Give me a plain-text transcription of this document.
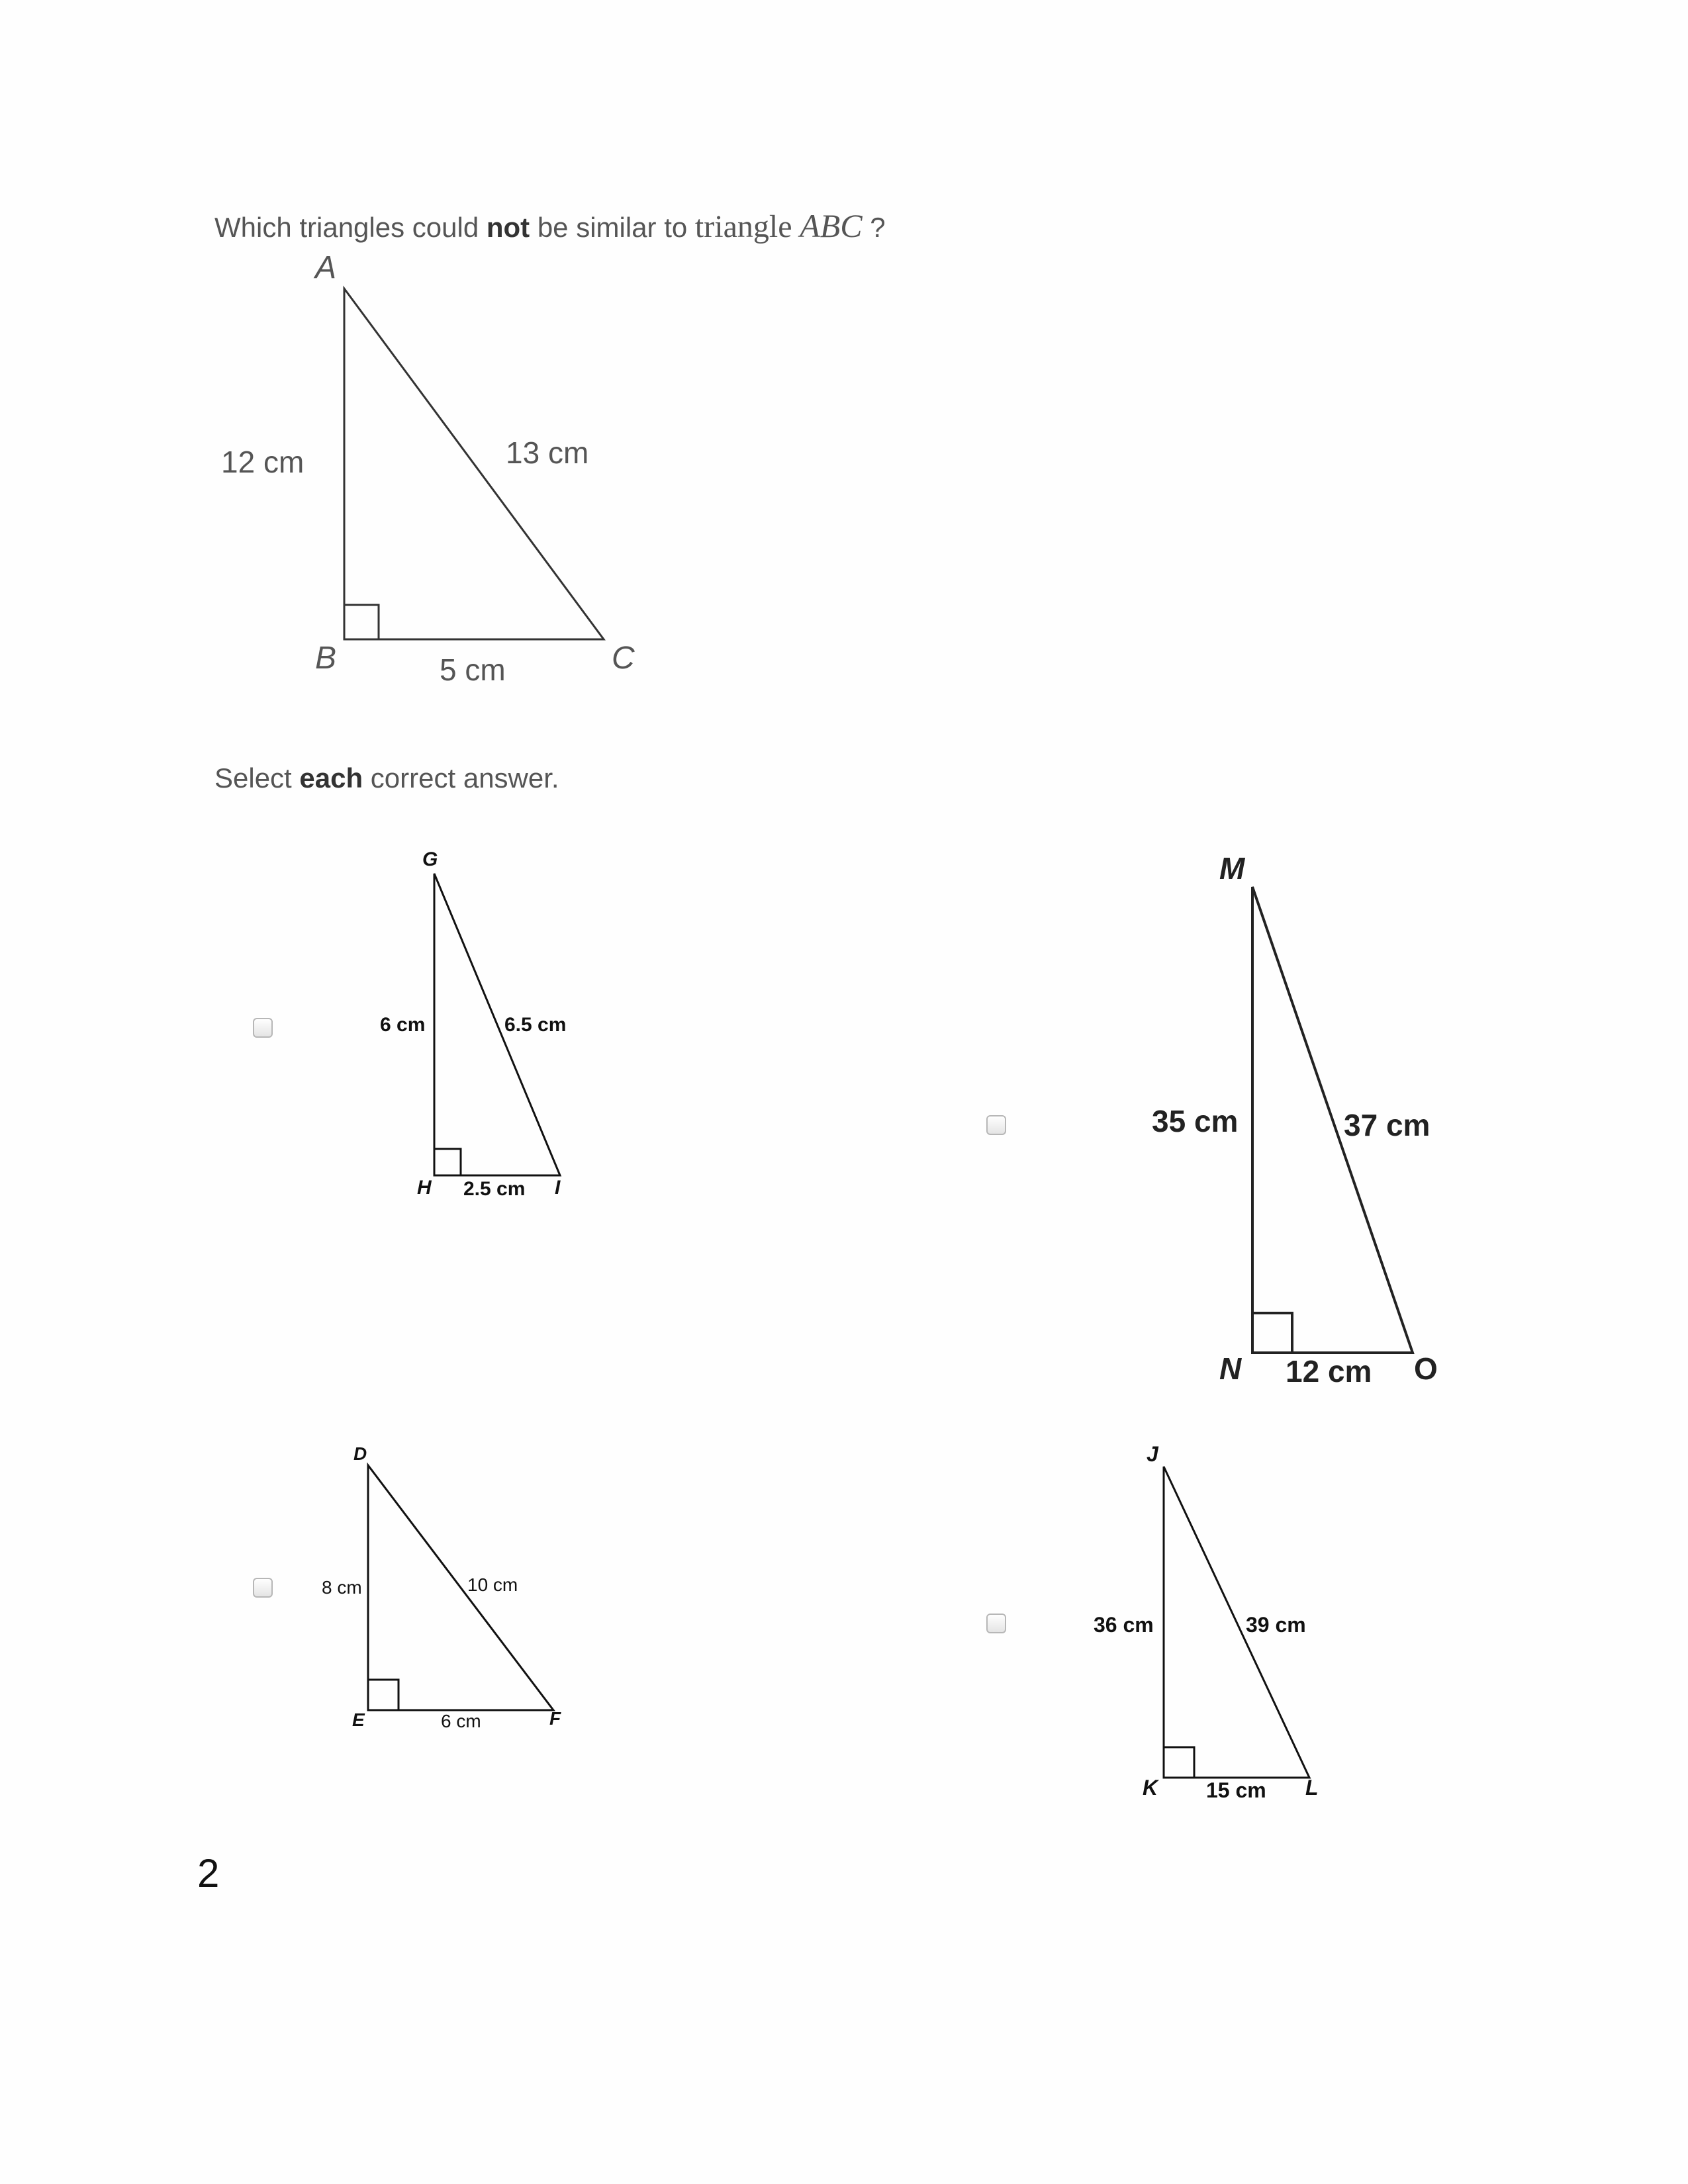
Which triangles could not be similar to triangle ABC ?
Select each correct answer.
A
B	C
12 cm	13 cm
5 cm
G
H	I
6 cm	6.5 cm
2.5 cm
M
N	O
35 cm	37 cm
12 cm
D
E	F
8 cm	10 cm
6 cm
J
K	L
36 cm	39 cm
15 cm
2
